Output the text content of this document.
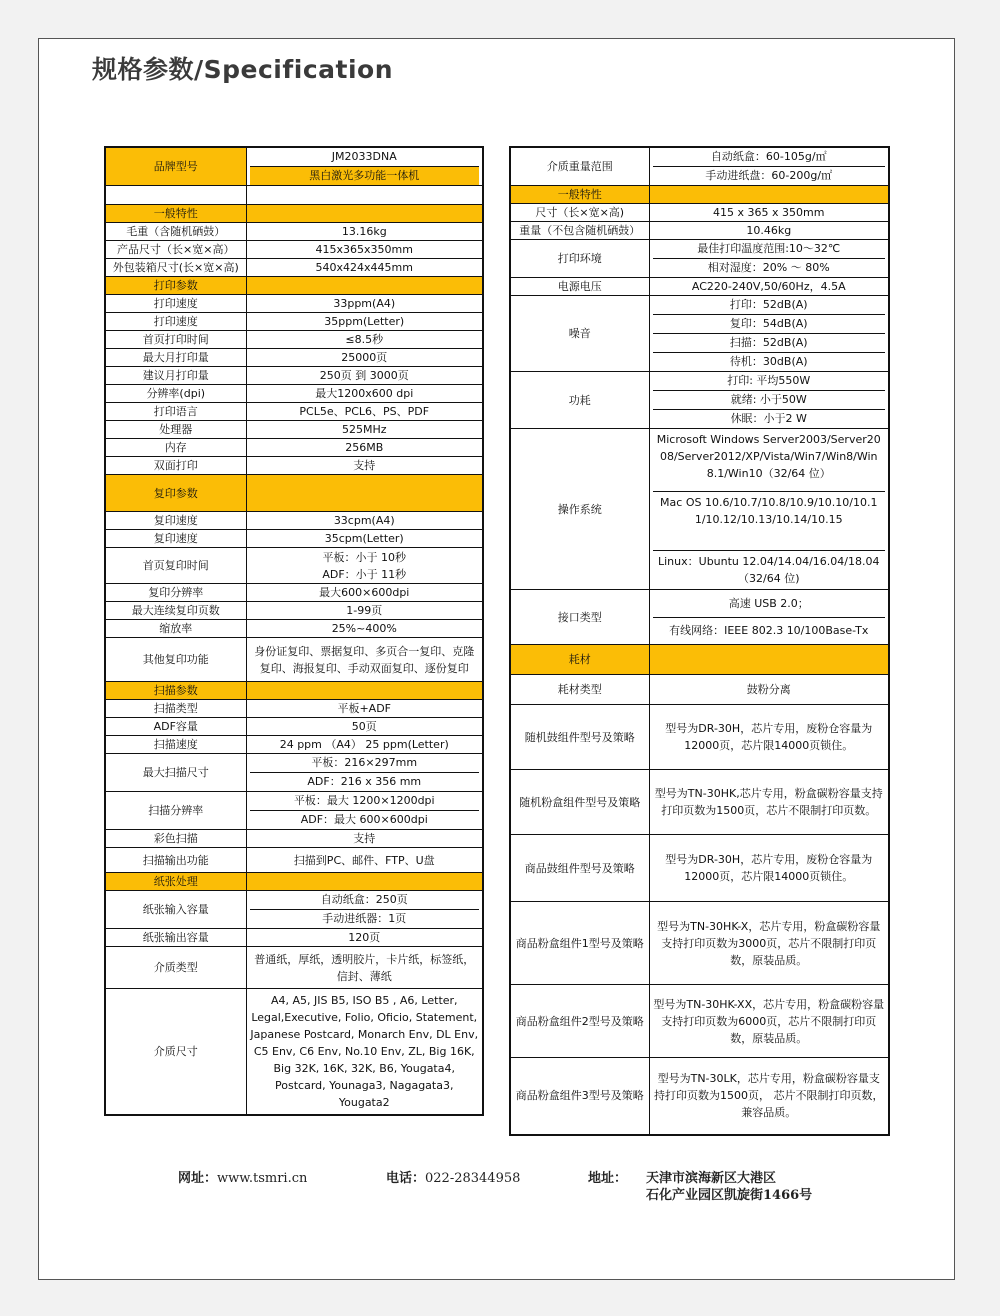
规格参数/Specification
品牌型号	JM2033DNA
黑白激光多功能一体机

一般特性	
毛重（含随机硒鼓）	13.16kg
产品尺寸（长×宽×高）	415x365x350mm
外包装箱尺寸(长×宽×高)	540x424x445mm
打印参数	
打印速度	33ppm(A4)
打印速度	35ppm(Letter)
首页打印时间	≤8.5秒
最大月打印量	25000页
建议月打印量	250页 到 3000页
分辨率(dpi)	最大1200x600 dpi
打印语言	PCL5e、PCL6、PS、PDF
处理器	525MHz
内存	256MB
双面打印	支持
复印参数	
复印速度	33cpm(A4)
复印速度	35cpm(Letter)
首页复印时间	平板：小于 10秒
ADF：小于 11秒

复印分辨率	最大600×600dpi
最大连续复印页数	1-99页
缩放率	25%~400%
其他复印功能	身份证复印、票据复印、多页合一复印、克隆复印、海报复印、手动双面复印、逐份复印
扫描参数	
扫描类型	平板+ADF
ADF容量	50页
扫描速度	24 ppm （A4） 25 ppm(Letter)
最大扫描尺寸	平板：216×297mm
ADF：216 x 356 mm

扫描分辨率	平板：最大 1200×1200dpi
ADF：最大 600×600dpi

彩色扫描	支持
扫描输出功能	扫描到PC、邮件、FTP、U盘
纸张处理	
纸张输入容量	自动纸盒：250页
手动进纸器：1页

纸张输出容量	120页
介质类型	普通纸，厚纸，透明胶片，卡片纸，标签纸，信封、薄纸
介质尺寸	A4, A5, JIS B5, ISO B5 , A6, Letter, Legal,Executive, Folio, Oficio, Statement, Japanese Postcard, Monarch Env, DL Env, C5 Env, C6 Env, No.10 Env, ZL, Big 16K, Big 32K, 16K, 32K, B6, Yougata4, Postcard, Younaga3, Nagagata3, Yougata2
介质重量范围	自动纸盒：60-105g/㎡
手动进纸盘：60-200g/㎡

一般特性	
尺寸（长×宽×高)	415 x 365 x 350mm
重量（不包含随机硒鼓）	10.46kg
打印环境	最佳打印温度范围:10～32℃
相对湿度：20% ～ 80%

电源电压	AC220-240V,50/60Hz，4.5A
噪音	打印：52dB(A)
复印：54dB(A)
扫描：52dB(A)
待机：30dB(A)

功耗	打印: 平均550W
就绪: 小于50W
休眠：小于2 W

操作系统	Microsoft Windows Server2003/Server2008/Server2012/XP/Vista/Win7/Win8/Win8.1/Win10（32/64 位）
Mac OS 10.6/10.7/10.8/10.9/10.10/10.11/10.12/10.13/10.14/10.15
Linux：Ubuntu 12.04/14.04/16.04/18.04（32/64 位)

接口类型	高速 USB 2.0；
有线网络：IEEE 802.3 10/100Base-Tx

耗材	
耗材类型	鼓粉分离
随机鼓组件型号及策略	型号为DR-30H，芯片专用，废粉仓容量为12000页，芯片限14000页锁住。
随机粉盒组件型号及策略	型号为TN-30HK,芯片专用，粉盒碳粉容量支持打印页数为1500页，芯片不限制打印页数。
商品鼓组件型号及策略	型号为DR-30H，芯片专用，废粉仓容量为12000页，芯片限14000页锁住。
商品粉盒组件1型号及策略	型号为TN-30HK-X，芯片专用，粉盒碳粉容量支持打印页数为3000页，芯片不限制打印页数，原装品质。
商品粉盒组件2型号及策略	型号为TN-30HK-XX，芯片专用，粉盒碳粉容量支持打印页数为6000页，芯片不限制打印页数，原装品质。
商品粉盒组件3型号及策略	型号为TN-30LK，芯片专用，粉盒碳粉容量支持打印页数为1500页， 芯片不限制打印页数，兼容品质。
网址：www.tsmri.cn	电话：022-28344958	地址： 天津市滨海新区大港区
石化产业园区凯旋街1466号
